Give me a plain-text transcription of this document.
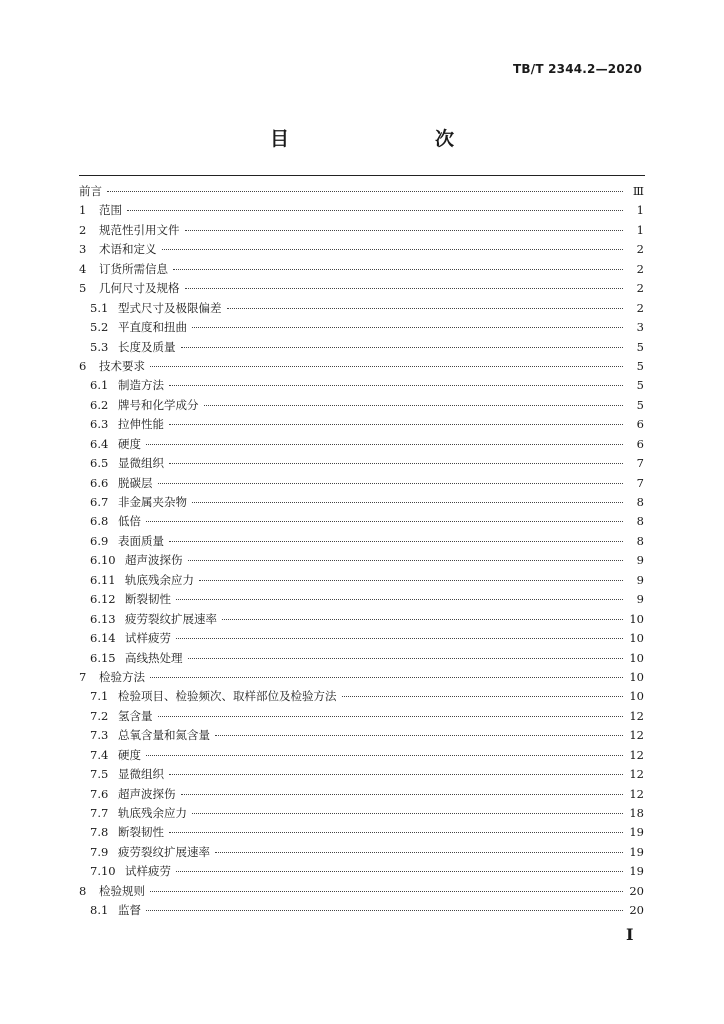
TB/T 2344.2—2020
目　　次
前言	Ⅲ
1	范围	1
2	规范性引用文件	1
3	术语和定义	2
4	订货所需信息	2
5	几何尺寸及规格	2
5.1 型式尺寸及极限偏差	2
5.2 平直度和扭曲	3
5.3 长度及质量	5
6	技术要求	5
6.1 制造方法	5
6.2 牌号和化学成分	5
6.3 拉伸性能	6
6.4 硬度	6
6.5 显微组织	7
6.6 脱碳层	7
6.7 非金属夹杂物	8
6.8 低倍	8
6.9 表面质量	8
6.10 超声波探伤	9
6.11 轨底残余应力	9
6.12 断裂韧性	9
6.13 疲劳裂纹扩展速率	10
6.14 试样疲劳	10
6.15 高线热处理	10
7	检验方法	10
7.1 检验项目、检验频次、取样部位及检验方法	10
7.2 氢含量	12
7.3 总氧含量和氮含量	12
7.4 硬度	12
7.5 显微组织	12
7.6 超声波探伤	12
7.7 轨底残余应力	18
7.8 断裂韧性	19
7.9 疲劳裂纹扩展速率	19
7.10 试样疲劳	19
8	检验规则	20
8.1 监督	20
I
